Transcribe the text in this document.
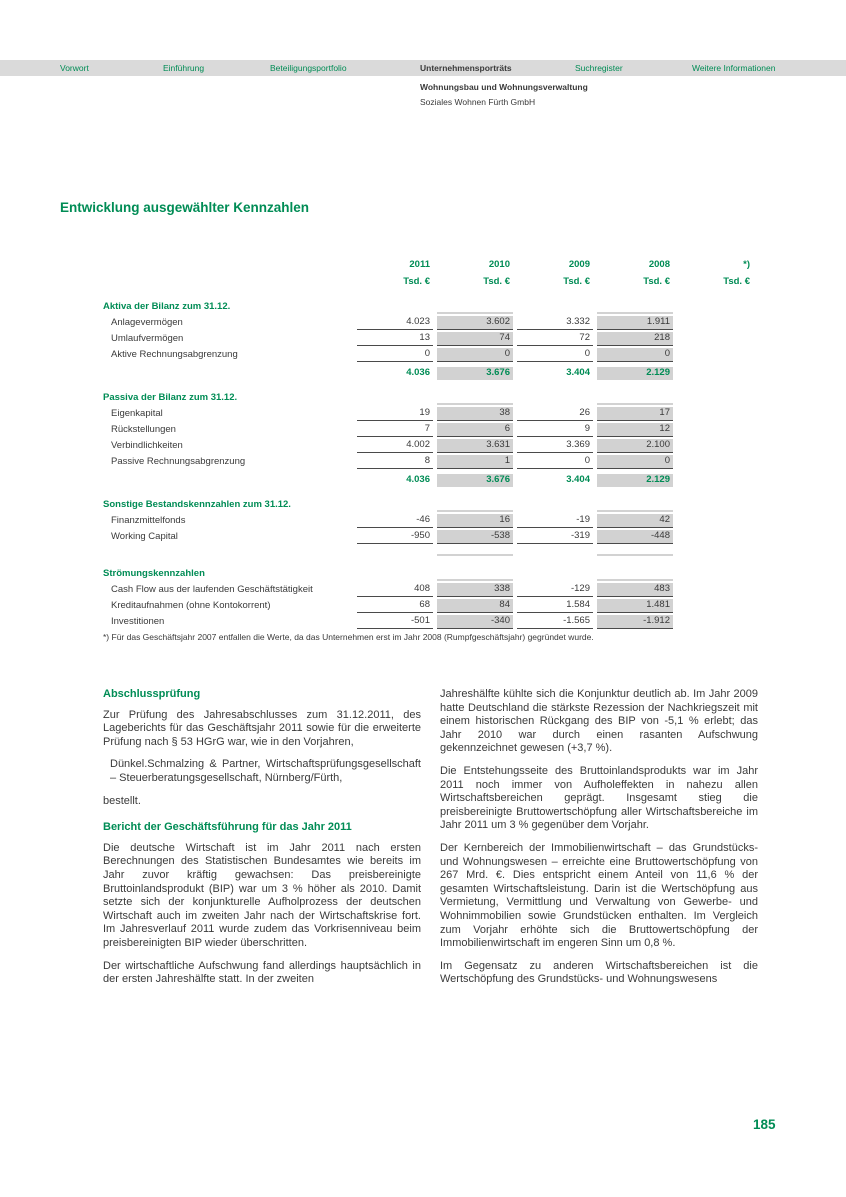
Vorwort	Einführung	Beteiligungsportfolio	Unternehmensporträts	Suchregister	Weitere Informationen
Wohnungsbau und Wohnungsverwaltung
Soziales Wohnen Fürth GmbH
Entwicklung ausgewählter Kennzahlen
2011	2010	2009	2008	*)
Tsd. €	Tsd. €	Tsd. €	Tsd. €	Tsd. €
Aktiva der Bilanz zum 31.12.
Anlagevermögen	4.023	3.602	3.332	1.911
Umlaufvermögen	13	74	72	218
Aktive Rechnungsabgrenzung	0	0	0	0
4.036	3.676	3.404	2.129
Passiva der Bilanz zum 31.12.
Eigenkapital	19	38	26	17
Rückstellungen	7	6	9	12
Verbindlichkeiten	4.002	3.631	3.369	2.100
Passive Rechnungsabgrenzung	8	1	0	0
4.036	3.676	3.404	2.129
Sonstige Bestandskennzahlen zum 31.12.
Finanzmittelfonds	-46	16	-19	42
Working Capital	-950	-538	-319	-448
Strömungskennzahlen
Cash Flow aus der laufenden Geschäftstätigkeit	408	338	-129	483
Kreditaufnahmen (ohne Kontokorrent)	68	84	1.584	1.481
Investitionen	-501	-340	-1.565	-1.912
*) Für das Geschäftsjahr 2007 entfallen die Werte, da das Unternehmen erst im Jahr 2008 (Rumpfgeschäftsjahr) gegründet wurde.
Abschlussprüfung
Zur Prüfung des Jahresabschlusses zum 31.12.2011, des Lageberichts für das Geschäftsjahr 2011 sowie für die erweiterte Prüfung nach § 53 HGrG war, wie in den Vorjahren,
Dünkel.Schmalzing & Partner, Wirtschaftsprüfungsgesellschaft – Steuerberatungsgesellschaft, Nürnberg/Fürth,
bestellt.
Bericht der Geschäftsführung für das Jahr 2011
Die deutsche Wirtschaft ist im Jahr 2011 nach ersten Berechnungen des Statistischen Bundesamtes wie bereits im Jahr zuvor kräftig gewachsen: Das preisbereinigte Bruttoinlandsprodukt (BIP) war um 3 % höher als 2010. Damit setzte sich der konjunkturelle Aufholprozess der deutschen Wirtschaft auch im zweiten Jahr nach der Wirtschaftskrise fort. Im Jahresverlauf 2011 wurde zudem das Vorkrisenniveau beim preisbereinigten BIP wieder überschritten.
Der wirtschaftliche Aufschwung fand allerdings hauptsächlich in der ersten Jahreshälfte statt. In der zweiten
Jahreshälfte kühlte sich die Konjunktur deutlich ab. Im Jahr 2009 hatte Deutschland die stärkste Rezession der Nachkriegszeit mit einem historischen Rückgang des BIP von -5,1 % erlebt; das Jahr 2010 war durch einen rasanten Aufschwung gekennzeichnet gewesen (+3,7 %).
Die Entstehungsseite des Bruttoinlandsprodukts war im Jahr 2011 noch immer von Aufholeffekten in nahezu allen Wirtschaftsbereichen geprägt. Insgesamt stieg die preisbereinigte Bruttowertschöpfung aller Wirtschaftsbereiche im Jahr 2011 um 3 % gegenüber dem Vorjahr.
Der Kernbereich der Immobilienwirtschaft – das Grundstücks- und Wohnungswesen – erreichte eine Bruttowertschöpfung von 267 Mrd. €. Dies entspricht einem Anteil von 11,6 % der gesamten Wirtschaftsleistung. Darin ist die Wertschöpfung aus Vermietung, Vermittlung und Verwaltung von Gewerbe- und Wohnimmobilien sowie Grundstücken enthalten. Im Vergleich zum Vorjahr erhöhte sich die Bruttowertschöpfung der Immobilienwirtschaft im engeren Sinn um 0,8 %.
Im Gegensatz zu anderen Wirtschaftsbereichen ist die Wertschöpfung des Grundstücks- und Wohnungswesens
185
